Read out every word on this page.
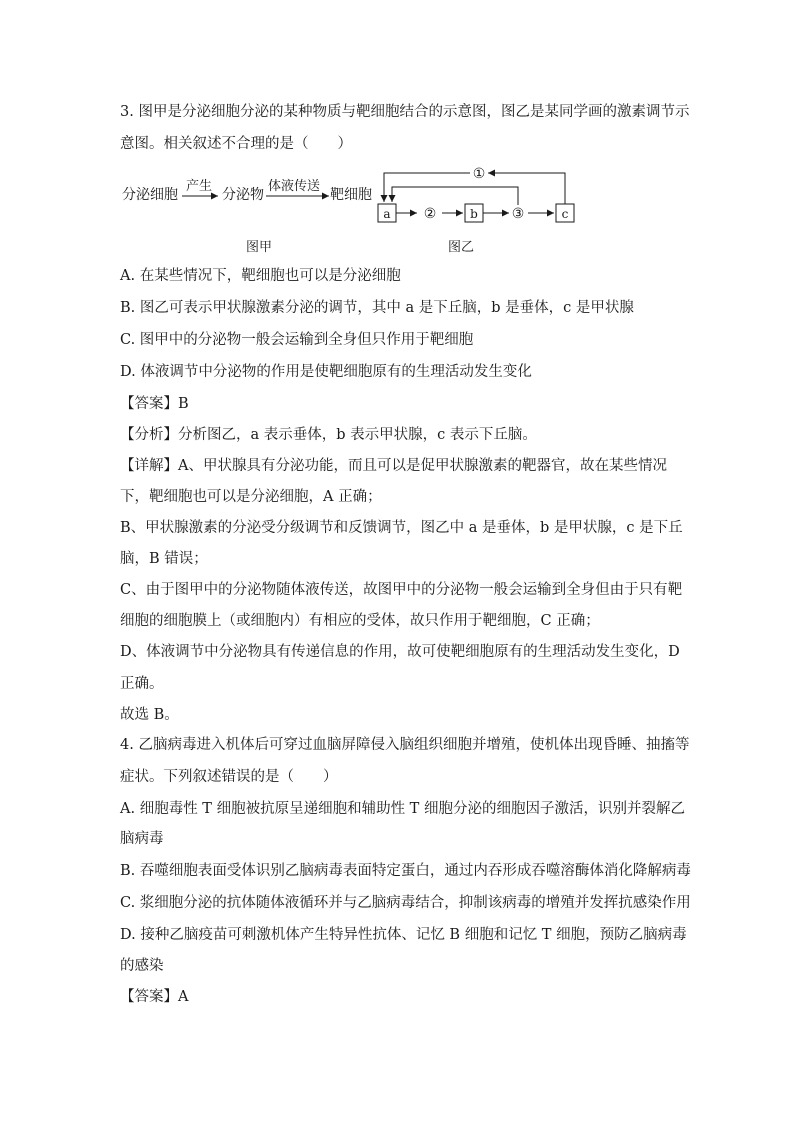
3. 图甲是分泌细胞分泌的某种物质与靶细胞结合的示意图，图乙是某同学画的激素调节示
意图。相关叙述不合理的是（　　）
分泌细胞
产生
分泌物
体液传送
靶细胞
图甲
a ②	b ③	c
①
图乙
A. 在某些情况下，靶细胞也可以是分泌细胞
B. 图乙可表示甲状腺激素分泌的调节，其中 a 是下丘脑，b 是垂体，c 是甲状腺
C. 图甲中的分泌物一般会运输到全身但只作用于靶细胞
D. 体液调节中分泌物的作用是使靶细胞原有的生理活动发生变化
【答案】B
【分析】分析图乙，a 表示垂体，b 表示甲状腺，c 表示下丘脑。
【详解】A、甲状腺具有分泌功能，而且可以是促甲状腺激素的靶器官，故在某些情况
下，靶细胞也可以是分泌细胞，A 正确；
B、甲状腺激素的分泌受分级调节和反馈调节，图乙中 a 是垂体，b 是甲状腺，c 是下丘
脑，B 错误；
C、由于图甲中的分泌物随体液传送，故图甲中的分泌物一般会运输到全身但由于只有靶
细胞的细胞膜上（或细胞内）有相应的受体，故只作用于靶细胞，C 正确；
D、体液调节中分泌物具有传递信息的作用，故可使靶细胞原有的生理活动发生变化，D
正确。
故选 B。
4. 乙脑病毒进入机体后可穿过血脑屏障侵入脑组织细胞并增殖，使机体出现昏睡、抽搐等
症状。下列叙述错误的是（　　）
A. 细胞毒性 T 细胞被抗原呈递细胞和辅助性 T 细胞分泌的细胞因子激活，识别并裂解乙
脑病毒
B. 吞噬细胞表面受体识别乙脑病毒表面特定蛋白，通过内吞形成吞噬溶酶体消化降解病毒
C. 浆细胞分泌的抗体随体液循环并与乙脑病毒结合，抑制该病毒的增殖并发挥抗感染作用
D. 接种乙脑疫苗可刺激机体产生特异性抗体、记忆 B 细胞和记忆 T 细胞，预防乙脑病毒
的感染
【答案】A
